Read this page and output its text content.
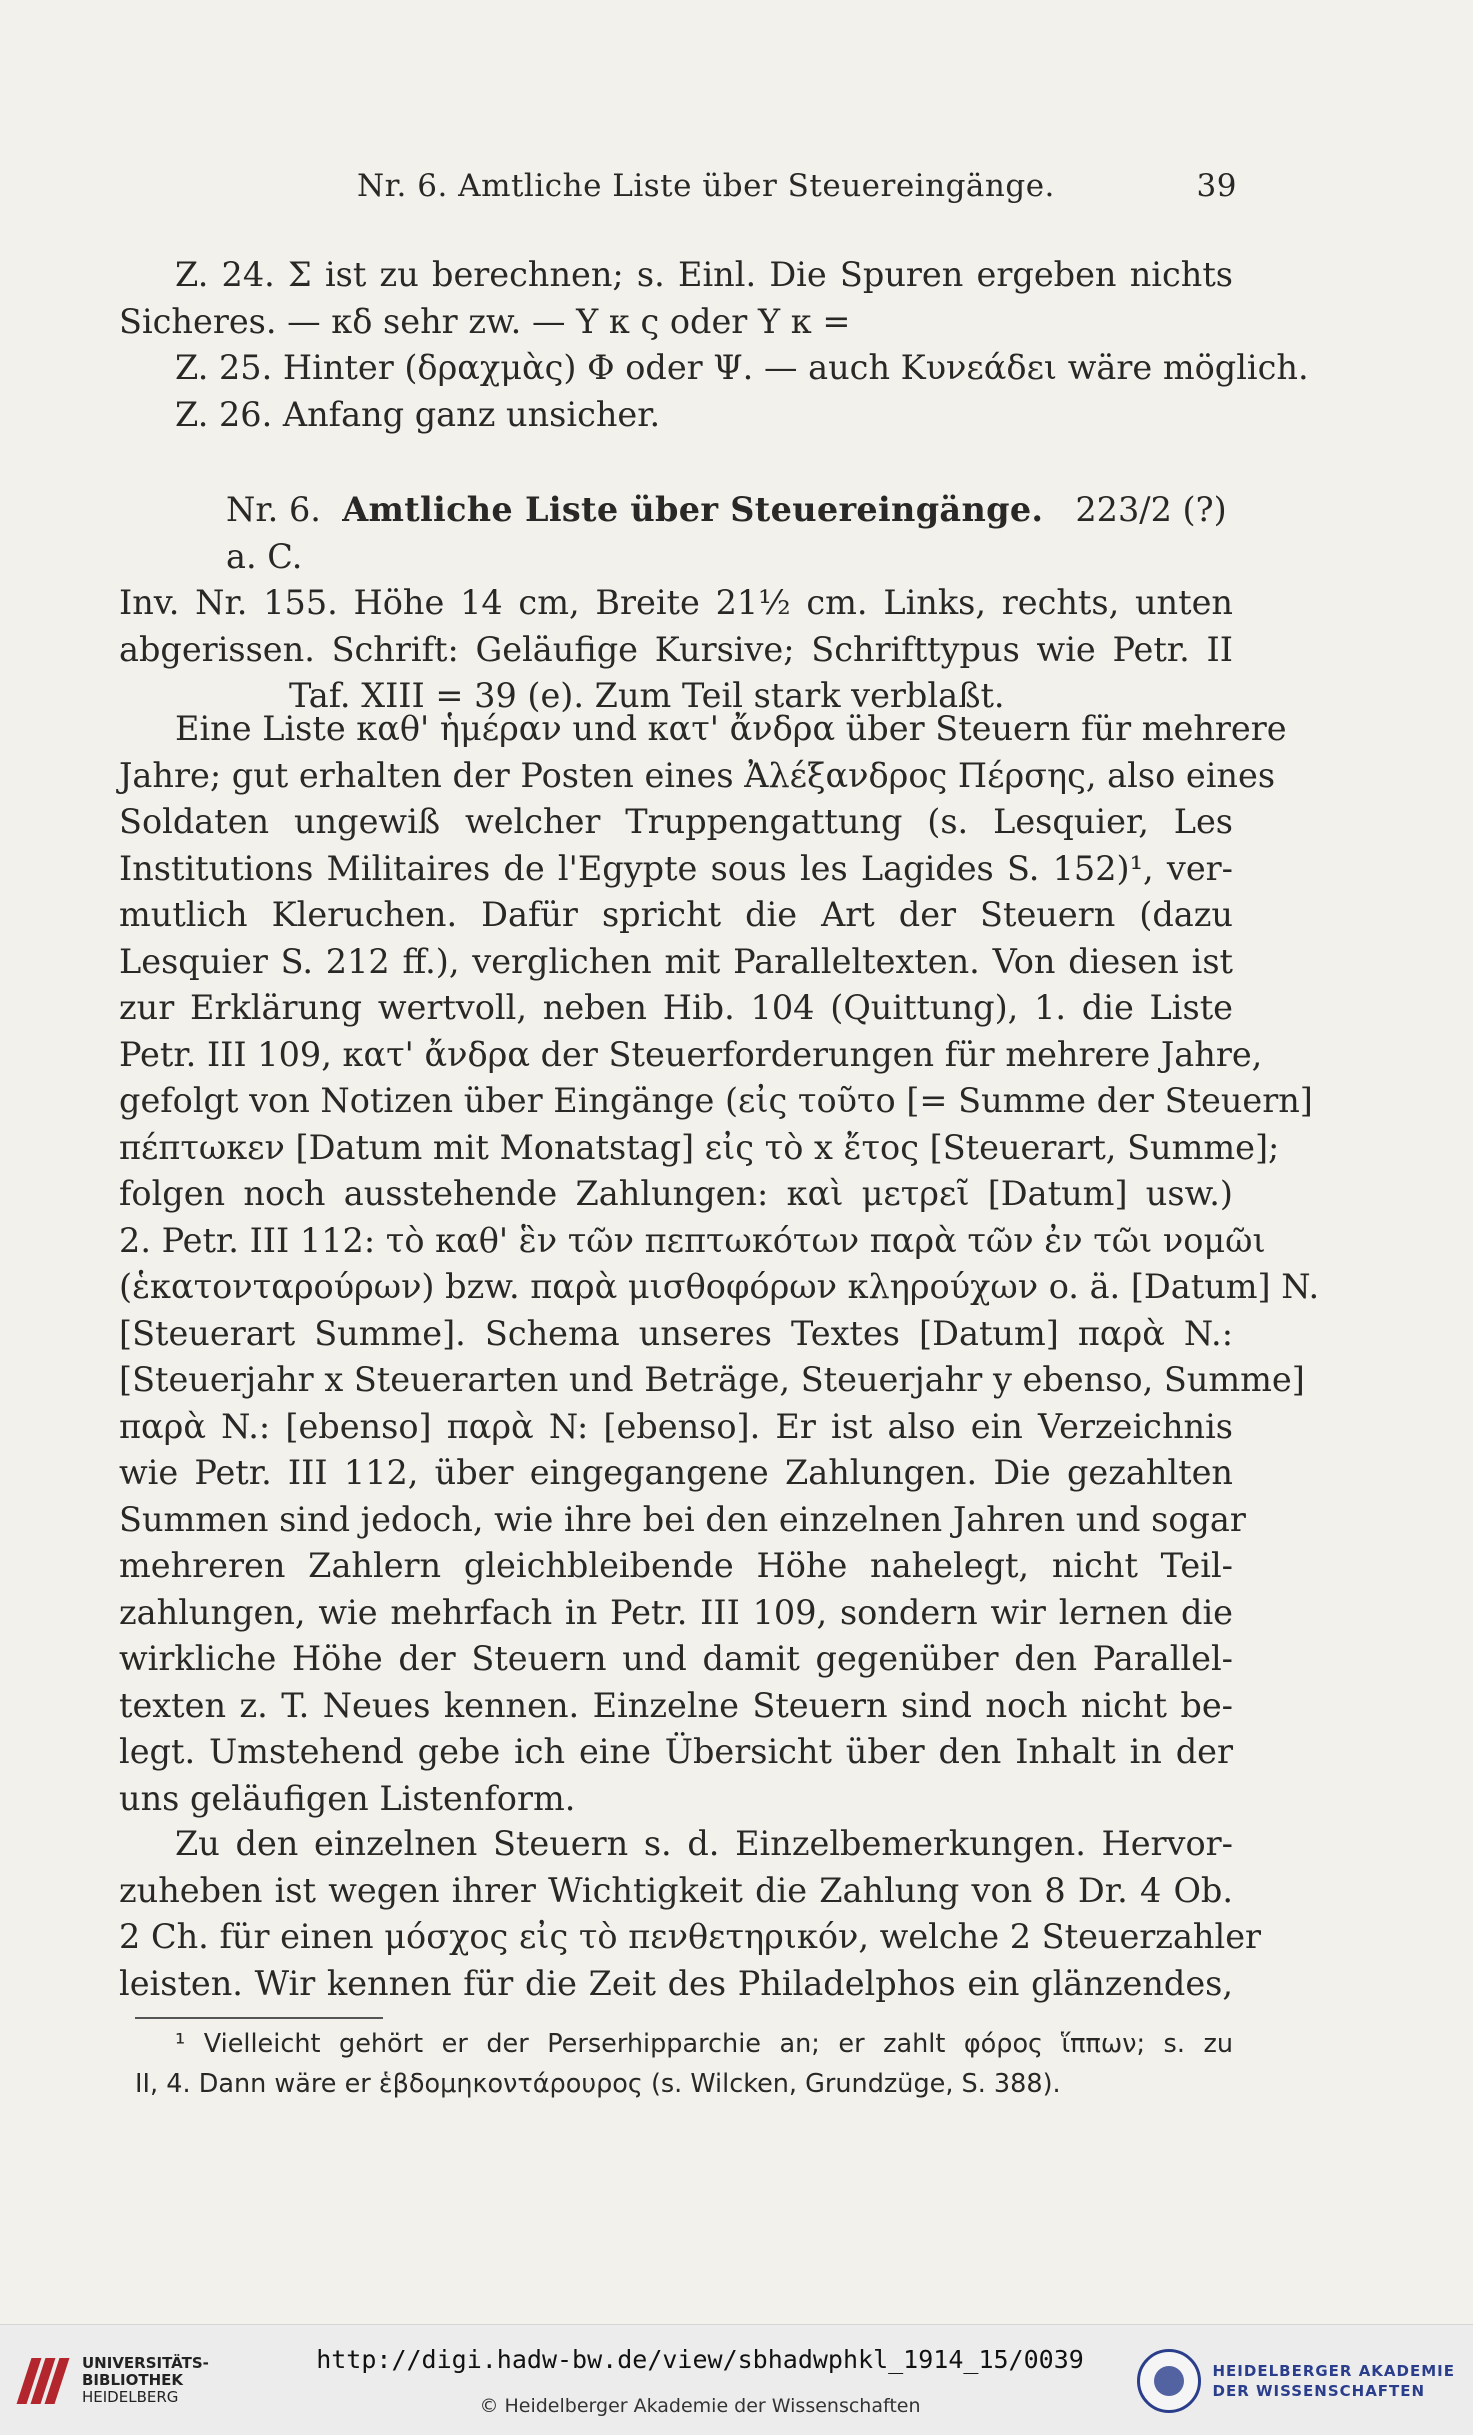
Nr. 6. Amtliche Liste über Steuereingänge.	39
Z. 24. Σ ist zu berechnen; s. Einl. Die Spuren ergeben nichts
Sicheres. — κδ sehr zw. — Υ κ ς oder Υ κ =
Z. 25. Hinter (δραχμὰς) Φ oder Ψ. — auch Κυνεάδει wäre möglich.
Z. 26. Anfang ganz unsicher.
Nr. 6. Amtliche Liste über Steuereingänge. 223/2 (?) a. C.
Inv. Nr. 155. Höhe 14 cm, Breite 21½ cm. Links, rechts, unten
abgerissen. Schrift: Geläufige Kursive; Schrifttypus wie Petr. II
Taf. XIII = 39 (e). Zum Teil stark verblaßt.
Eine Liste καθ' ἡμέραν und κατ' ἄνδρα über Steuern für mehrere
Jahre; gut erhalten der Posten eines Ἀλέξανδρος Πέρσης, also eines
Soldaten ungewiß welcher Truppengattung (s. Lesquier, Les
Institutions Militaires de l'Egypte sous les Lagides S. 152)¹, ver-
mutlich Kleruchen. Dafür spricht die Art der Steuern (dazu
Lesquier S. 212 ff.), verglichen mit Paralleltexten. Von diesen ist
zur Erklärung wertvoll, neben Hib. 104 (Quittung), 1. die Liste
Petr. III 109, κατ' ἄνδρα der Steuerforderungen für mehrere Jahre,
gefolgt von Notizen über Eingänge (εἰς τοῦτο [= Summe der Steuern]
πέπτωκεν [Datum mit Monatstag] εἰς τὸ x ἔτος [Steuerart, Summe];
folgen noch ausstehende Zahlungen: καὶ μετρεῖ [Datum] usw.)
2. Petr. III 112: τὸ καθ' ἓν τῶν πεπτωκότων παρὰ τῶν ἐν τῶι νομῶι
(ἑκατονταρούρων) bzw. παρὰ μισθοφόρων κληρούχων o. ä. [Datum] N.
[Steuerart Summe]. Schema unseres Textes [Datum] παρὰ N.:
[Steuerjahr x Steuerarten und Beträge, Steuerjahr y ebenso, Summe]
παρὰ N.: [ebenso] παρὰ N: [ebenso]. Er ist also ein Verzeichnis
wie Petr. III 112, über eingegangene Zahlungen. Die gezahlten
Summen sind jedoch, wie ihre bei den einzelnen Jahren und sogar
mehreren Zahlern gleichbleibende Höhe nahelegt, nicht Teil-
zahlungen, wie mehrfach in Petr. III 109, sondern wir lernen die
wirkliche Höhe der Steuern und damit gegenüber den Parallel-
texten z. T. Neues kennen. Einzelne Steuern sind noch nicht be-
legt. Umstehend gebe ich eine Übersicht über den Inhalt in der
uns geläufigen Listenform.
Zu den einzelnen Steuern s. d. Einzelbemerkungen. Hervor-
zuheben ist wegen ihrer Wichtigkeit die Zahlung von 8 Dr. 4 Ob.
2 Ch. für einen μόσχος εἰς τὸ πενθετηρικόν, welche 2 Steuerzahler
leisten. Wir kennen für die Zeit des Philadelphos ein glänzendes,
¹ Vielleicht gehört er der Perserhipparchie an; er zahlt φόρος ἵππων; s. zu
II, 4. Dann wäre er ἑβδομηκοντάρουρος (s. Wilcken, Grundzüge, S. 388).
UNIVERSITÄTS-
BIBLIOTHEK
HEIDELBERG
http://digi.hadw-bw.de/view/sbhadwphkl_1914_15/0039
© Heidelberger Akademie der Wissenschaften
HEIDELBERGER AKADEMIE
DER WISSENSCHAFTEN
